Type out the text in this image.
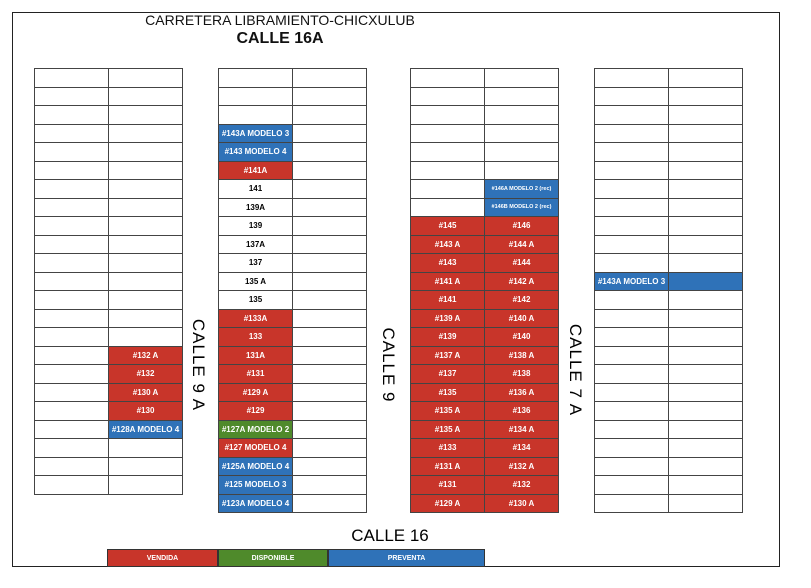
CARRETERA LIBRAMIENTO-CHICXULUB
CALLE 16A

	#132 A
	#132
	#130 A
	#130
	#128A MODELO 4

#143A MODELO 3	
#143 MODELO 4	
#141A	
141	
139A	
139	
137A	
137	
135 A	
135	
#133A	
133	
131A	
#131	
#129 A	
#129	
#127A MODELO 2	
#127 MODELO 4	
#125A MODELO 4	
#125 MODELO 3	
#123A MODELO 4	

	#146A MODELO 2 (rec)
	#146B MODELO 2 (rec)
#145	#146
#143 A	#144 A
#143	#144
#141 A	#142 A
#141	#142
#139 A	#140 A
#139	#140
#137 A	#138 A
#137	#138
#135	#136 A
#135 A	#136
#135 A	#134 A
#133	#134
#131 A	#132 A
#131	#132
#129 A	#130 A

#143A MODELO 3	

CALLE 9 A	CALLE 9	CALLE 7 A
CALLE 16
VENDIDA	DISPONIBLE	PREVENTA
